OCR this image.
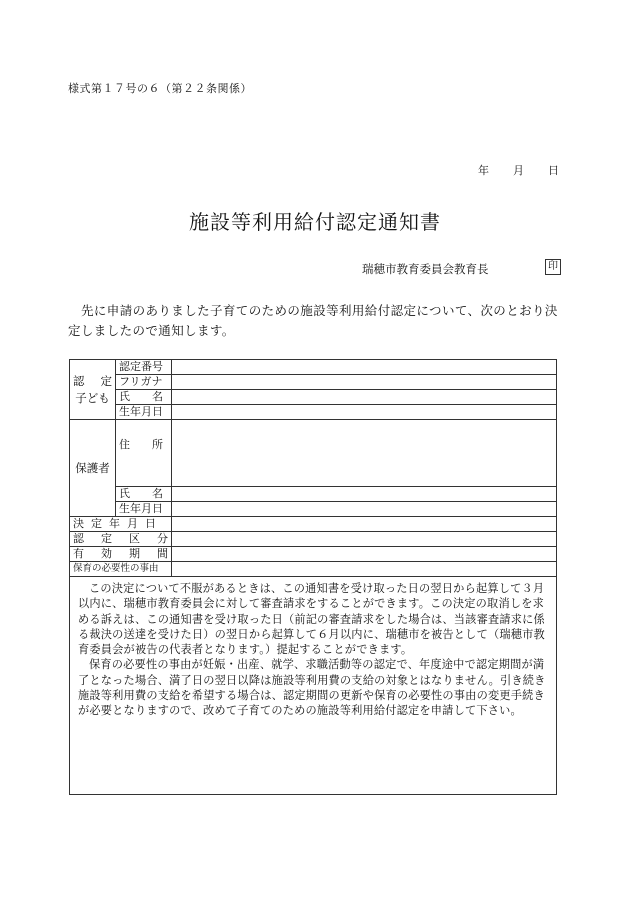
様式第１７号の６（第２２条関係）
年 月 日
施設等利用給付認定通知書
瑞穂市教育委員会教育長	印
先に申請のありました子育てのための施設等利用給付認定について、次のとおり決定しましたので通知します。
認　定
子ども	認定番号	
	フリガナ	
	氏　　名	
	生年月日	
保護者	住　　所	
	氏　　名	
	生年月日	
決定年月日		
認定区分		
有効期間		
保育の必要性の事由		

この決定について不服があるときは、この通知書を受け取った日の翌日から起算して３月以内に、瑞穂市教育委員会に対して審査請求をすることができます。この決定の取消しを求める訴えは、この通知書を受け取った日（前記の審査請求をした場合は、当該審査請求に係る裁決の送達を受けた日）の翌日から起算して６月以内に、瑞穂市を被告として（瑞穂市教育委員会が被告の代表者となります。）提起することができます。

保育の必要性の事由が妊娠・出産、就学、求職活動等の認定で、年度途中で認定期間が満了となった場合、満了日の翌日以降は施設等利用費の支給の対象とはなりません。引き続き施設等利用費の支給を希望する場合は、認定期間の更新や保育の必要性の事由の変更手続きが必要となりますので、改めて子育てのための施設等利用給付認定を申請して下さい。
